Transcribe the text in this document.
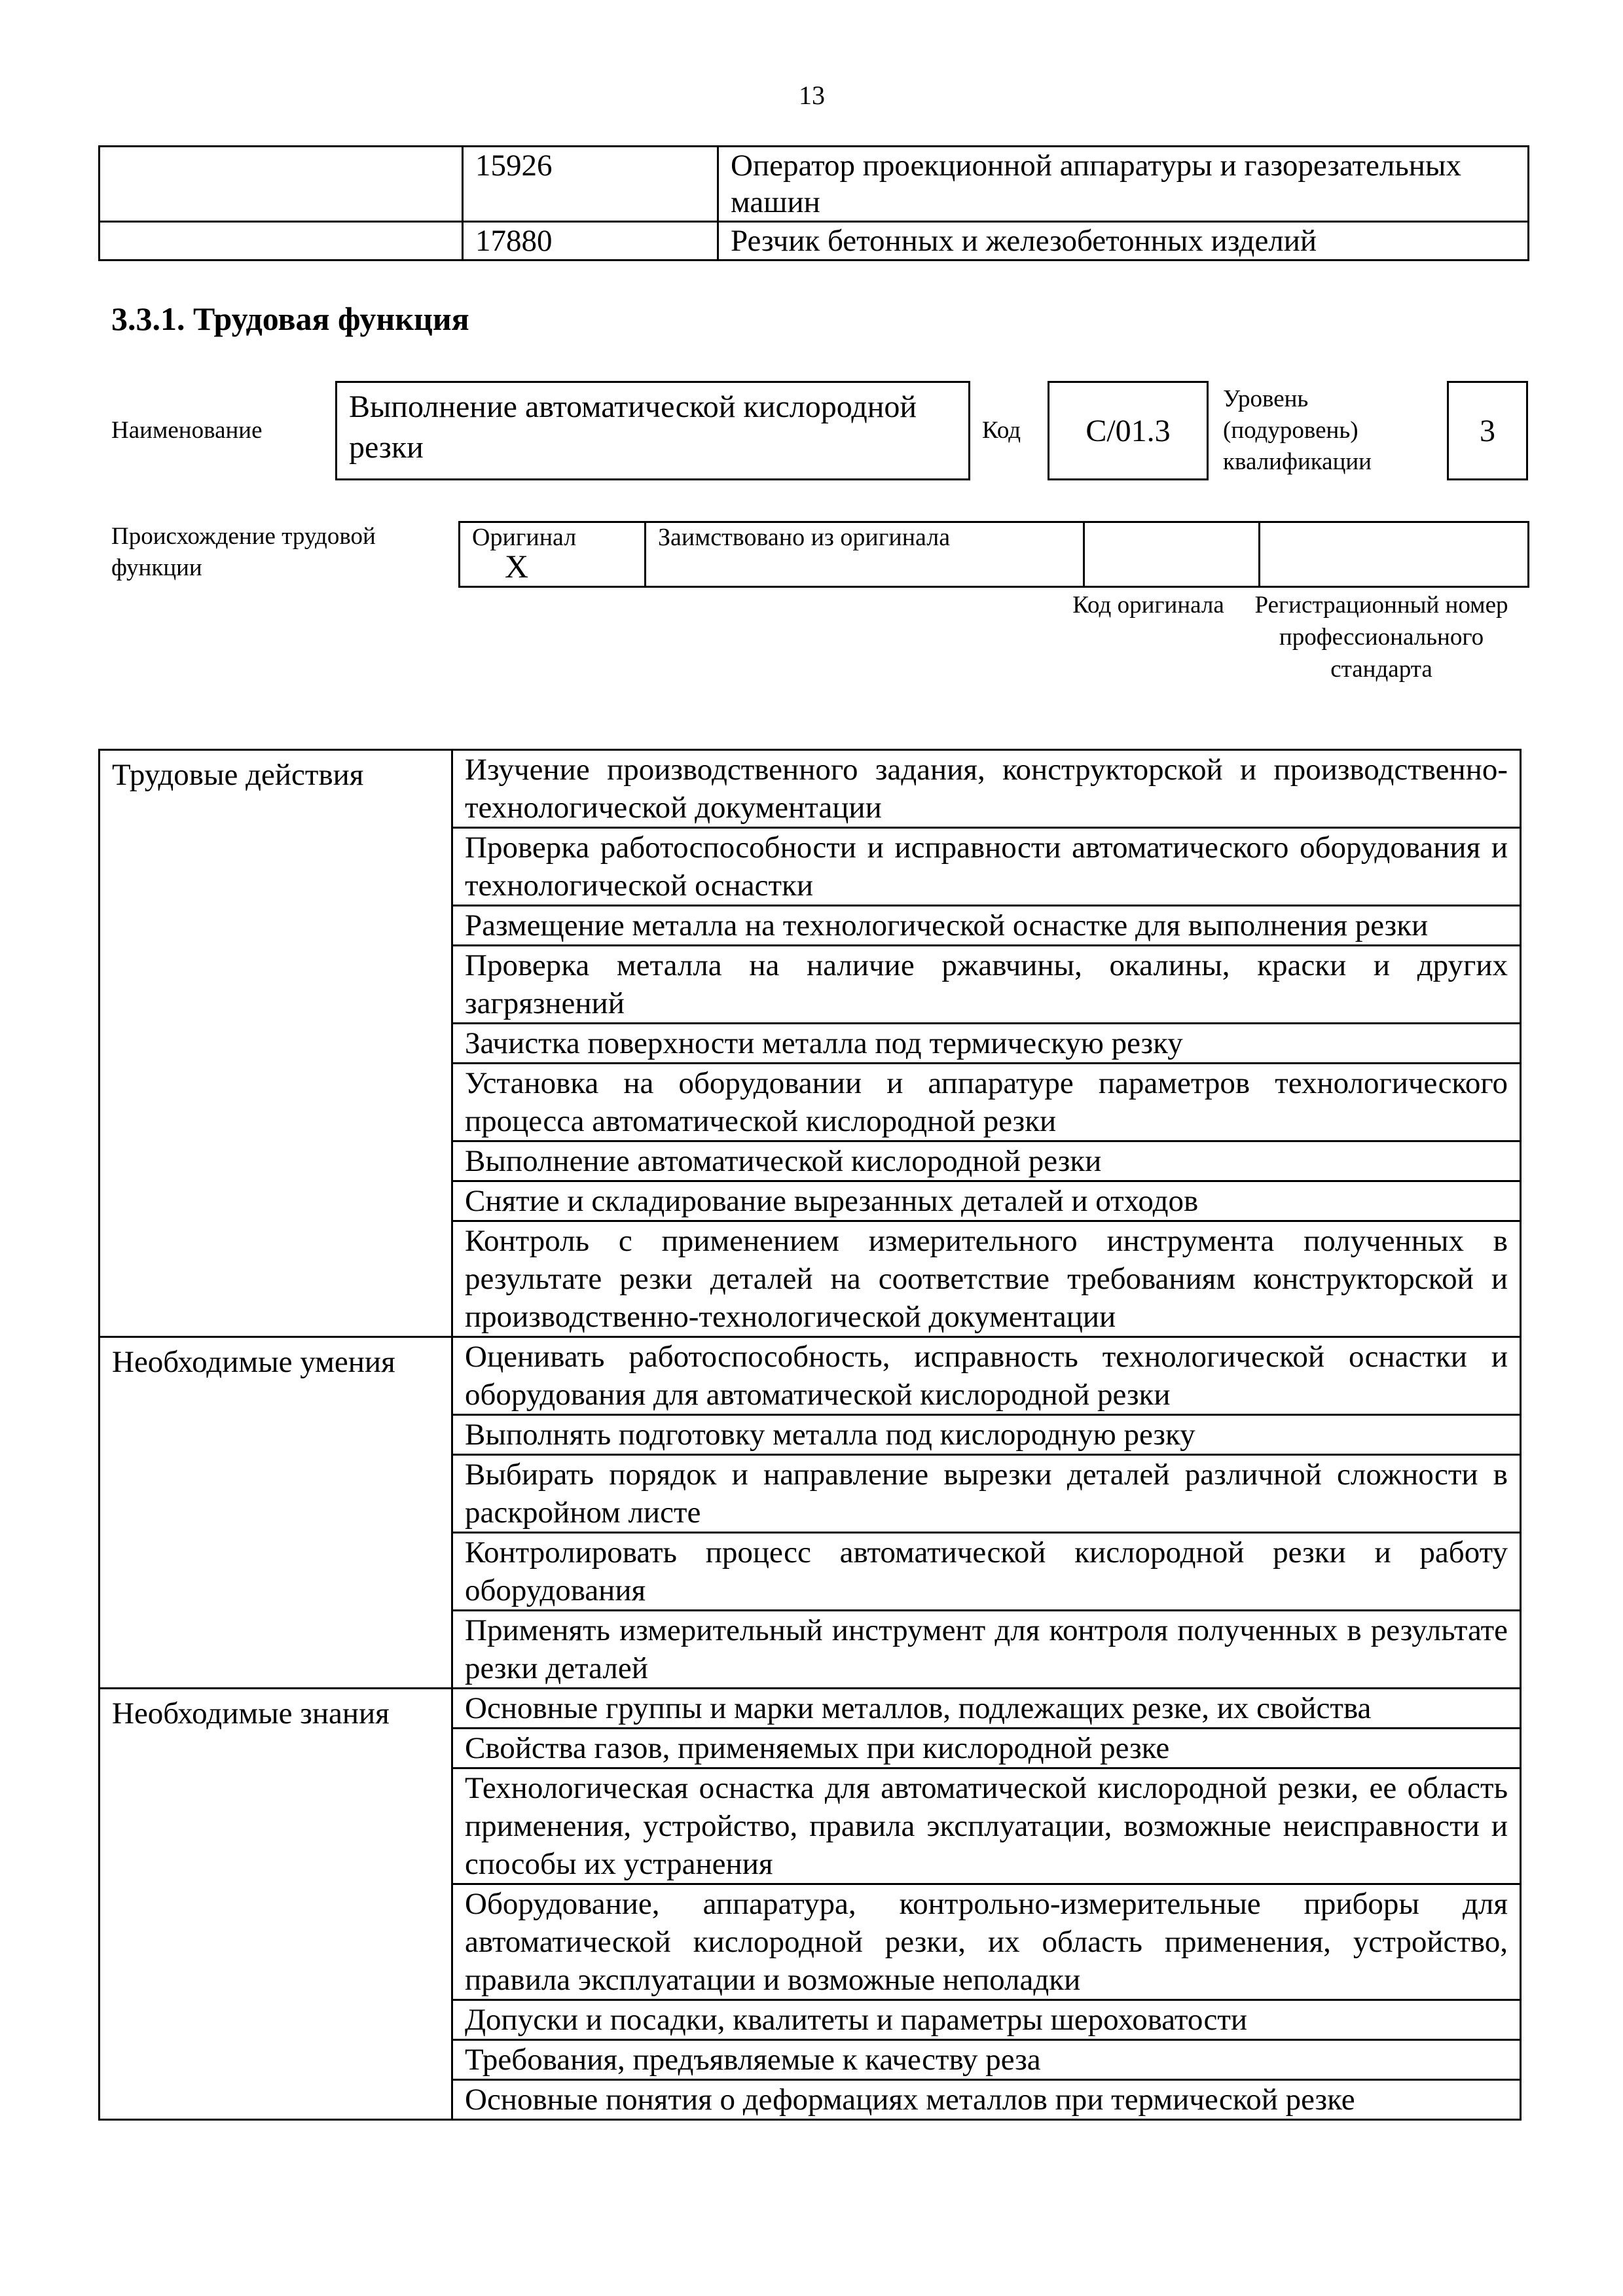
13
	15926	Оператор проекционной аппаратуры и газорезательных машин
	17880	Резчик бетонных и железобетонных изделий
3.3.1. Трудовая функция
Наименование
Выполнение автоматической кислородной резки	Код	C/01.3
Уровень (подуровень) квалификации
3
Происхождение трудовой функции
Оригинал X	Заимствовано из оригинала		
Код оригинала	Регистрационный номер профессионального стандарта
Трудовые действия	Изучение производственного задания, конструкторской и производственно-технологической документации
	Проверка работоспособности и исправности автоматического оборудования и технологической оснастки
	Размещение металла на технологической оснастке для выполнения резки
	Проверка металла на наличие ржавчины, окалины, краски и других загрязнений
	Зачистка поверхности металла под термическую резку
	Установка на оборудовании и аппаратуре параметров технологического процесса автоматической кислородной резки
	Выполнение автоматической кислородной резки
	Снятие и складирование вырезанных деталей и отходов
	Контроль с применением измерительного инструмента полученных в результате резки деталей на соответствие требованиям конструкторской и производственно-технологической документации
Необходимые умения	Оценивать работоспособность, исправность технологической оснастки и оборудования для автоматической кислородной резки
	Выполнять подготовку металла под кислородную резку
	Выбирать порядок и направление вырезки деталей различной сложности в раскройном листе
	Контролировать процесс автоматической кислородной резки и работу оборудования
	Применять измерительный инструмент для контроля полученных в результате резки деталей
Необходимые знания	Основные группы и марки металлов, подлежащих резке, их свойства
	Свойства газов, применяемых при кислородной резке
	Технологическая оснастка для автоматической кислородной резки, ее область применения, устройство, правила эксплуатации, возможные неисправности и способы их устранения
	Оборудование, аппаратура, контрольно-измерительные приборы для автоматической кислородной резки, их область применения, устройство, правила эксплуатации и возможные неполадки
	Допуски и посадки, квалитеты и параметры шероховатости
	Требования, предъявляемые к качеству реза
	Основные понятия о деформациях металлов при термической резке
